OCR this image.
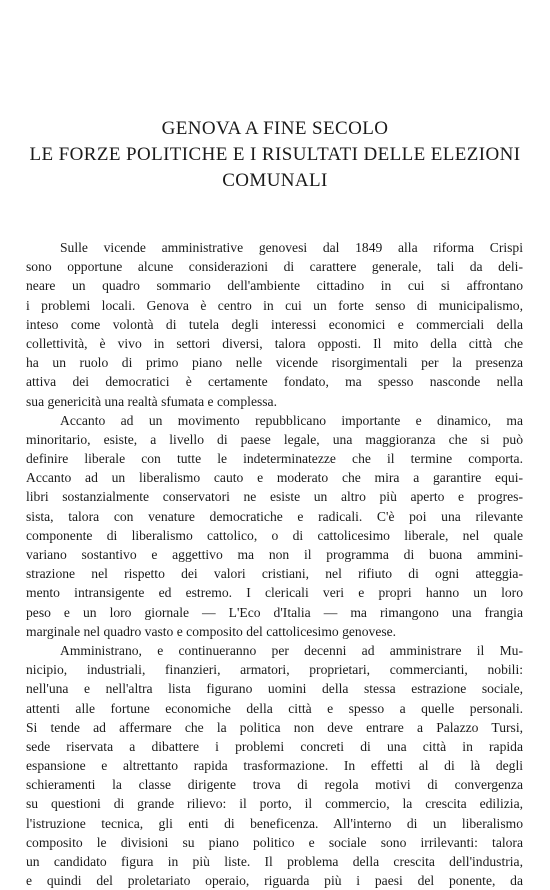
GENOVA A FINE SECOLO
LE FORZE POLITICHE E I RISULTATI DELLE ELEZIONI
COMUNALI
Sulle vicende amministrative genovesi dal 1849 alla riforma Crispi
sono opportune alcune considerazioni di carattere generale, tali da deli-
neare un quadro sommario dell'ambiente cittadino in cui si affrontano
i problemi locali. Genova è centro in cui un forte senso di municipalismo,
inteso come volontà di tutela degli interessi economici e commerciali della
collettività, è vivo in settori diversi, talora opposti. Il mito della città che
ha un ruolo di primo piano nelle vicende risorgimentali per la presenza
attiva dei democratici è certamente fondato, ma spesso nasconde nella
sua genericità una realtà sfumata e complessa.
Accanto ad un movimento repubblicano importante e dinamico, ma
minoritario, esiste, a livello di paese legale, una maggioranza che si può
definire liberale con tutte le indeterminatezze che il termine comporta.
Accanto ad un liberalismo cauto e moderato che mira a garantire equi-
libri sostanzialmente conservatori ne esiste un altro più aperto e progres-
sista, talora con venature democratiche e radicali. C'è poi una rilevante
componente di liberalismo cattolico, o di cattolicesimo liberale, nel quale
variano sostantivo e aggettivo ma non il programma di buona ammini-
strazione nel rispetto dei valori cristiani, nel rifiuto di ogni atteggia-
mento intransigente ed estremo. I clericali veri e propri hanno un loro
peso e un loro giornale — L'Eco d'Italia — ma rimangono una frangia
marginale nel quadro vasto e composito del cattolicesimo genovese.
Amministrano, e continueranno per decenni ad amministrare il Mu-
nicipio, industriali, finanzieri, armatori, proprietari, commercianti, nobili:
nell'una e nell'altra lista figurano uomini della stessa estrazione sociale,
attenti alle fortune economiche della città e spesso a quelle personali.
Si tende ad affermare che la politica non deve entrare a Palazzo Tursi,
sede riservata a dibattere i problemi concreti di una città in rapida
espansione e altrettanto rapida trasformazione. In effetti al di là degli
schieramenti la classe dirigente trova di regola motivi di convergenza
su questioni di grande rilievo: il porto, il commercio, la crescita edilizia,
l'istruzione tecnica, gli enti di beneficenza. All'interno di un liberalismo
composito le divisioni su piano politico e sociale sono irrilevanti: talora
un candidato figura in più liste. Il problema della crescita dell'industria,
e quindi del proletariato operaio, riguarda più i paesi del ponente, da
